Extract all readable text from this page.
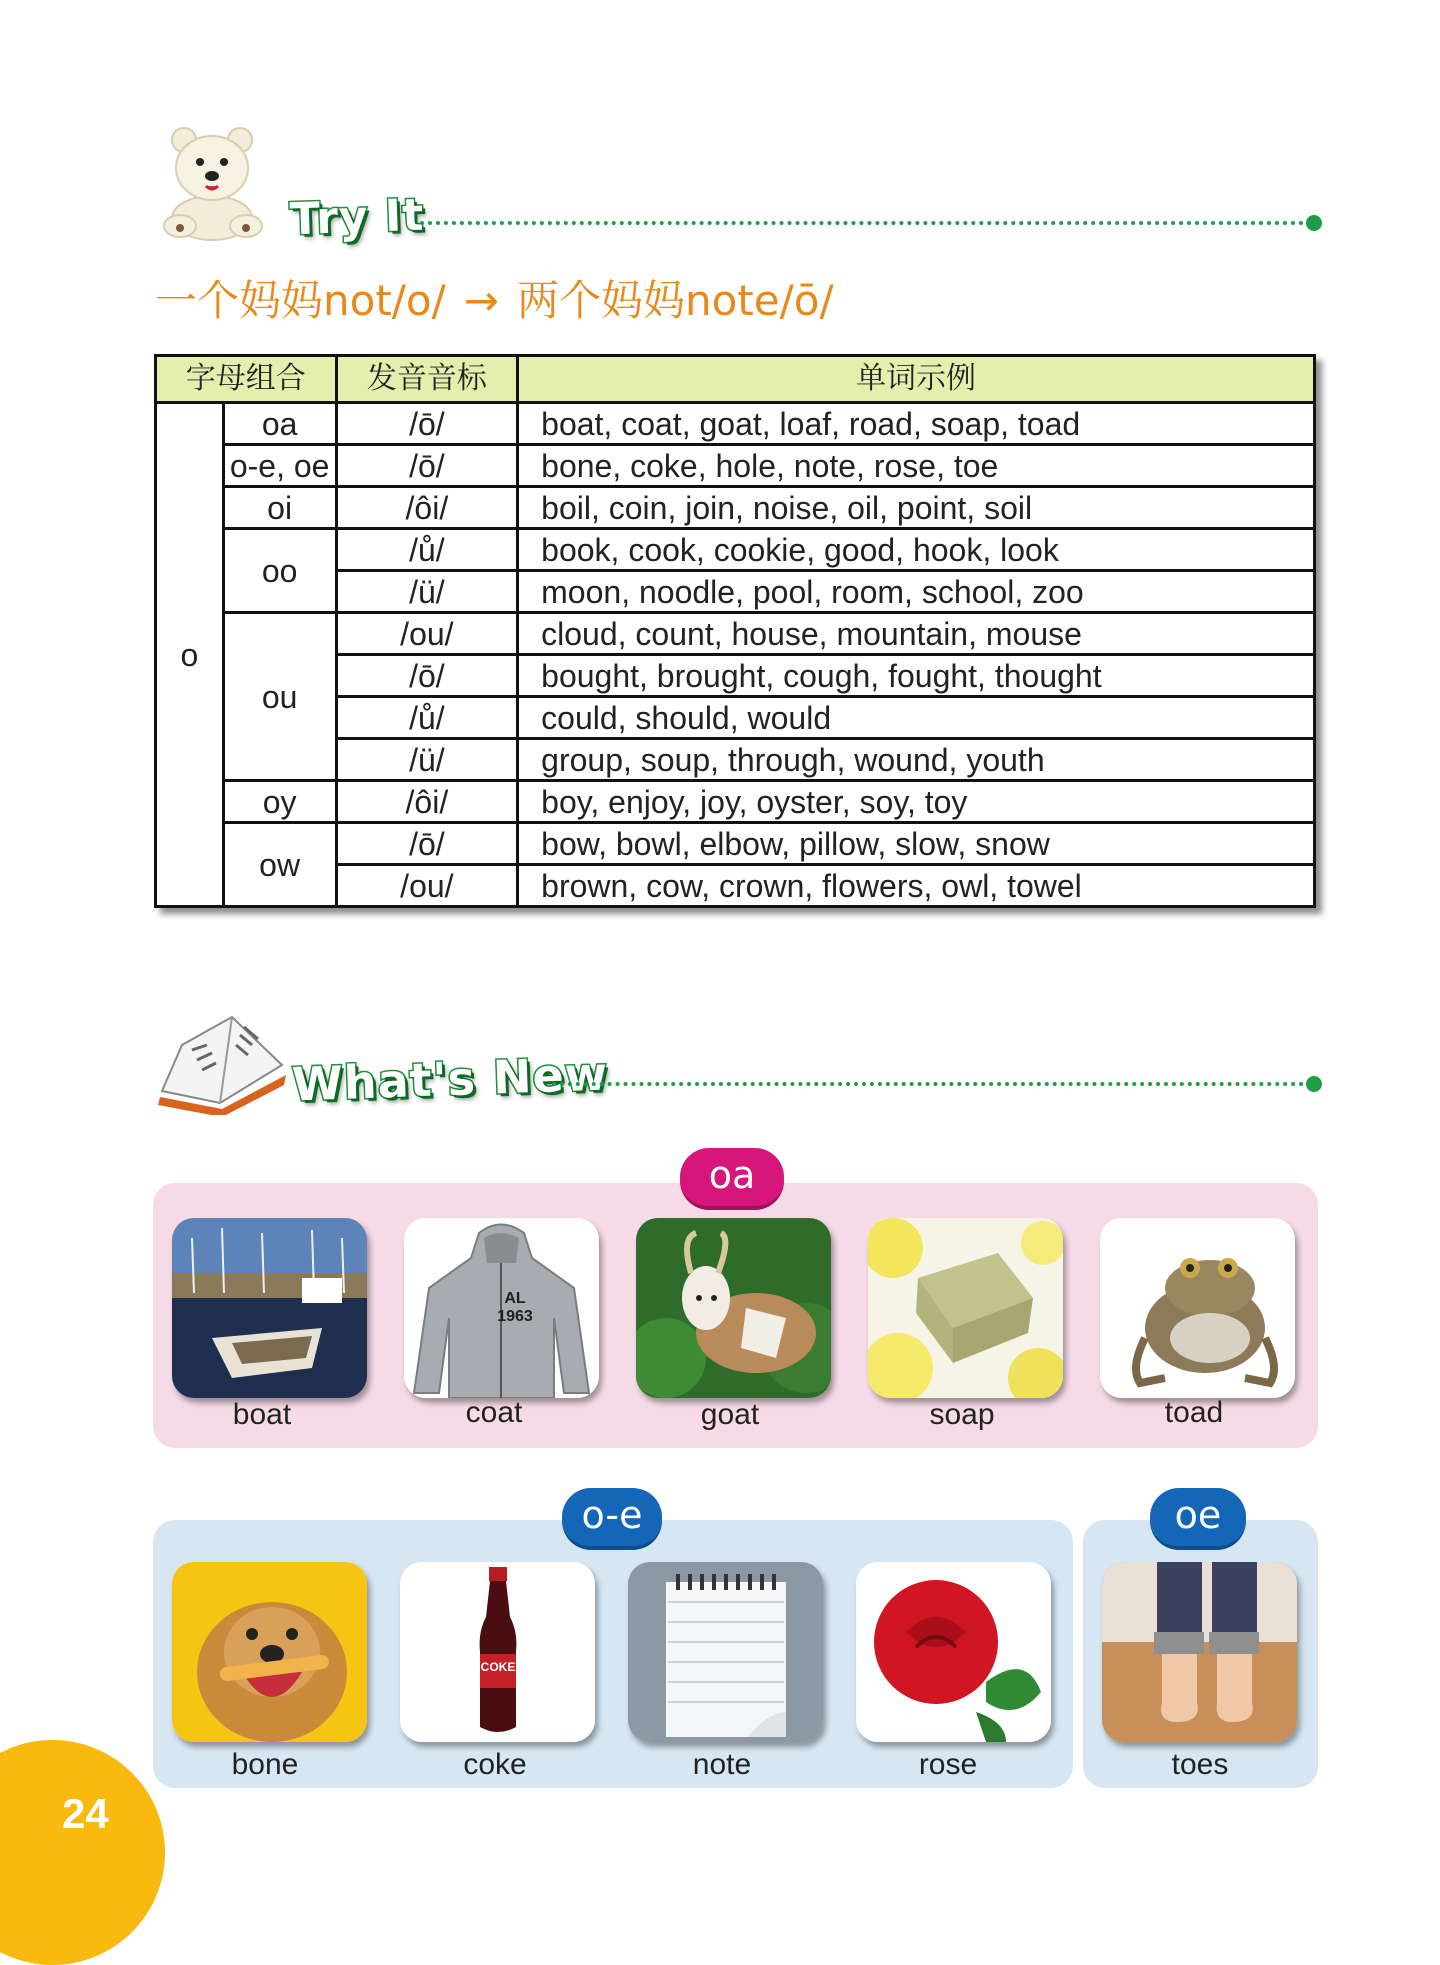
Try It
一个妈妈not/o/ → 两个妈妈note/ō/
字母组合		发音音标	单词示例
o	oa	/ō/	boat, coat, goat, loaf, road, soap, toad
	o-e, oe	/ō/	bone, coke, hole, note, rose, toe
	oi	/ôi/	boil, coin, join, noise, oil, point, soil
	oo	/ů/	book, cook, cookie, good, hook, look
		/ü/	moon, noodle, pool, room, school, zoo
	ou	/ou/	cloud, count, house, mountain, mouse
		/ō/	bought, brought, cough, fought, thought
		/ů/	could, should, would
		/ü/	group, soup, through, wound, youth
	oy	/ôi/	boy, enjoy, joy, oyster, soy, toy
	ow	/ō/	bow, bowl, elbow, pillow, slow, snow
		/ou/	brown, cow, crown, flowers, owl, towel
What's New
oa
boat
AL 1963
coat	goat	soap	toad
o-e
bone
COKE
coke	note	rose
oe
toes
24
